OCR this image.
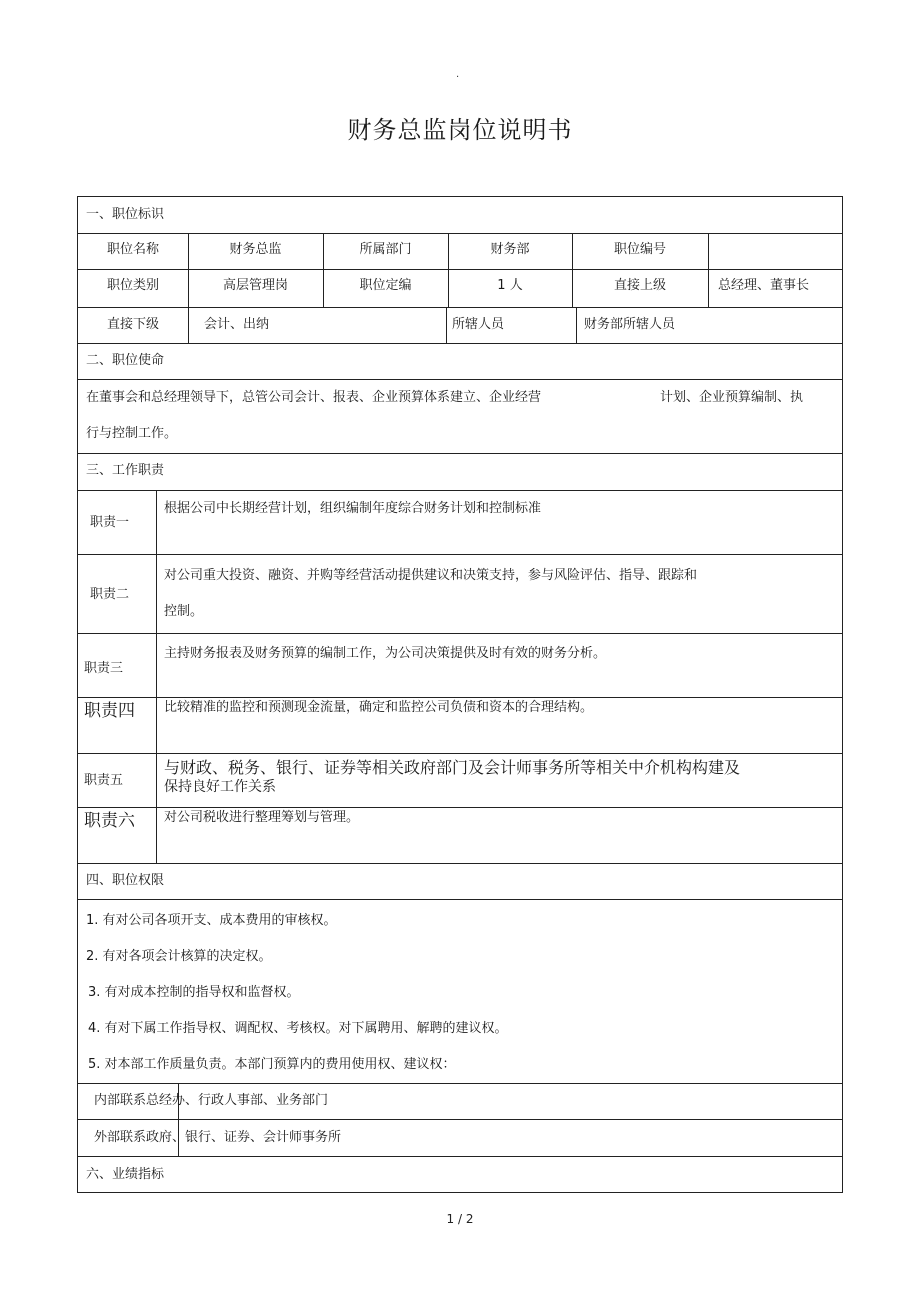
·
财务总监岗位说明书
一、职位标识
职位名称	财务总监	所属部门	财务部	职位编号
职位类别	高层管理岗	职位定编	1 人	直接上级	总经理、董事长
直接下级	会计、出纳	所辖人员	财务部所辖人员
二、职位使命
在董事会和总经理领导下，总管公司会计、报表、企业预算体系建立、企业经营	计划、企业预算编制、执
行与控制工作。
三、工作职责
职责一
根据公司中长期经营计划，组织编制年度综合财务计划和控制标准
职责二
对公司重大投资、融资、并购等经营活动提供建议和决策支持，参与风险评估、指导、跟踪和
控制。
职责三
主持财务报表及财务预算的编制工作，为公司决策提供及时有效的财务分析。
职责四 比较精准的监控和预测现金流量，确定和监控公司负债和资本的合理结构。
职责五
与财政、税务、银行、证券等相关政府部门及会计师事务所等相关中介机构构建及
保持良好工作关系
职责六 对公司税收进行整理筹划与管理。
四、职位权限
1. 有对公司各项开支、成本费用的审核权。
2. 有对各项会计核算的决定权。
3. 有对成本控制的指导权和监督权。
4. 有对下属工作指导权、调配权、考核权。对下属聘用、解聘的建议权。
5. 对本部工作质量负责。本部门预算内的费用使用权、建议权：
内部联系总经办、行政人事部、业务部门
外部联系政府、银行、证券、会计师事务所
六、业绩指标
1 / 2
